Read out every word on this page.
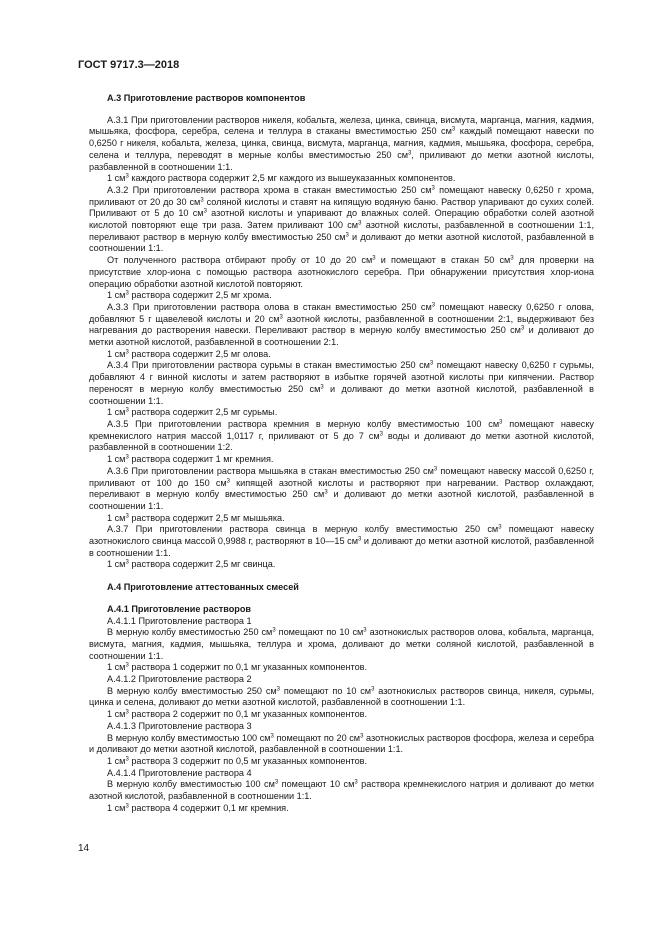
ГОСТ 9717.3—2018
А.3 Приготовление растворов компонентов

А.3.1 При приготовлении растворов никеля, кобальта, железа, цинка, свинца, висмута, марганца, магния, кадмия, мышьяка, фосфора, серебра, селена и теллура в стаканы вместимостью 250 $см^3$ каждый помещают навески по 0,6250 г никеля, кобальта, железа, цинка, свинца, висмута, марганца, магния, кадмия, мышьяка, фосфора, серебра, селена и теллура, переводят в мерные колбы вместимостью 250 $см^3$, приливают до метки азотной кислоты, разбавленной в соотношении 1:1.

1 $см^3$ каждого раствора содержит 2,5 мг каждого из вышеуказанных компонентов.

А.3.2 При приготовлении раствора хрома в стакан вместимостью 250 $см^3$ помещают навеску 0,6250 г хрома, приливают от 20 до 30 $см^3$ соляной кислоты и ставят на кипящую водяную баню. Раствор упаривают до сухих солей. Приливают от 5 до 10 $см^3$ азотной кислоты и упаривают до влажных солей. Операцию обработки солей азотной кислотой повторяют еще три раза. Затем приливают 100 $см^3$ азотной кислоты, разбавленной в соотношении 1:1, переливают раствор в мерную колбу вместимостью 250 $см^3$ и доливают до метки азотной кислотой, разбавленной в соотношении 1:1.

От полученного раствора отбирают пробу от 10 до 20 $см^3$ и помещают в стакан 50 $см^3$ для проверки на присутствие хлор-иона с помощью раствора азотнокислого серебра. При обнаружении присутствия хлор-иона операцию обработки азотной кислотой повторяют.

1 $см^3$ раствора содержит 2,5 мг хрома.

А.3.3 При приготовлении раствора олова в стакан вместимостью 250 $см^3$ помещают навеску 0,6250 г олова, добавляют 5 г щавелевой кислоты и 20 $см^3$ азотной кислоты, разбавленной в соотношении 2:1, выдерживают без нагревания до растворения навески. Переливают раствор в мерную колбу вместимостью 250 $см^3$ и доливают до метки азотной кислотой, разбавленной в соотношении 2:1.

1 $см^3$ раствора содержит 2,5 мг олова.

А.3.4 При приготовлении раствора сурьмы в стакан вместимостью 250 $см^3$ помещают навеску 0,6250 г сурьмы, добавляют 4 г винной кислоты и затем растворяют в избытке горячей азотной кислоты при кипячении. Раствор переносят в мерную колбу вместимостью 250 $см^3$ и доливают до метки азотной кислотой, разбавленной в соотношении 1:1.

1 $см^3$ раствора содержит 2,5 мг сурьмы.

А.3.5 При приготовлении раствора кремния в мерную колбу вместимостью 100 $см^3$ помещают навеску кремнекислого натрия массой 1,0117 г, приливают от 5 до 7 $см^3$ воды и доливают до метки азотной кислотой, разбавленной в соотношении 1:2.

1 $см^3$ раствора содержит 1 мг кремния.

А.3.6 При приготовлении раствора мышьяка в стакан вместимостью 250 $см^3$ помещают навеску массой 0,6250 г, приливают от 100 до 150 $см^3$ кипящей азотной кислоты и растворяют при нагревании. Раствор охлаждают, переливают в мерную колбу вместимостью 250 $см^3$ и доливают до метки азотной кислотой, разбавленной в соотношении 1:1.

1 $см^3$ раствора содержит 2,5 мг мышьяка.

А.3.7 При приготовлении раствора свинца в мерную колбу вместимостью 250 $см^3$ помещают навеску азотнокислого свинца массой 0,9988 г, растворяют в 10—15 $см^3$ и доливают до метки азотной кислотой, разбавленной в соотношении 1:1.

1 $см^3$ раствора содержит 2,5 мг свинца.

А.4 Приготовление аттестованных смесей
А.4.1 Приготовление растворов

А.4.1.1 Приготовление раствора 1

В мерную колбу вместимостью 250 $см^3$ помещают по 10 $см^3$ азотнокислых растворов олова, кобальта, марганца, висмута, магния, кадмия, мышьяка, теллура и хрома, доливают до метки соляной кислотой, разбавленной в соотношении 1:1.

1 $см^3$ раствора 1 содержит по 0,1 мг указанных компонентов.

А.4.1.2 Приготовление раствора 2

В мерную колбу вместимостью 250 $см^3$ помещают по 10 $см^3$ азотнокислых растворов свинца, никеля, сурьмы, цинка и селена, доливают до метки азотной кислотой, разбавленной в соотношении 1:1.

1 $см^3$ раствора 2 содержит по 0,1 мг указанных компонентов.

А.4.1.3 Приготовление раствора 3

В мерную колбу вместимостью 100 $см^3$ помещают по 20 $см^3$ азотнокислых растворов фосфора, железа и серебра и доливают до метки азотной кислотой, разбавленной в соотношении 1:1.

1 $см^3$ раствора 3 содержит по 0,5 мг указанных компонентов.

А.4.1.4 Приготовление раствора 4

В мерную колбу вместимостью 100 $см^3$ помещают 10 $см^3$ раствора кремнекислого натрия и доливают до метки азотной кислотой, разбавленной в соотношении 1:1.

1 $см^3$ раствора 4 содержит 0,1 мг кремния.

14
